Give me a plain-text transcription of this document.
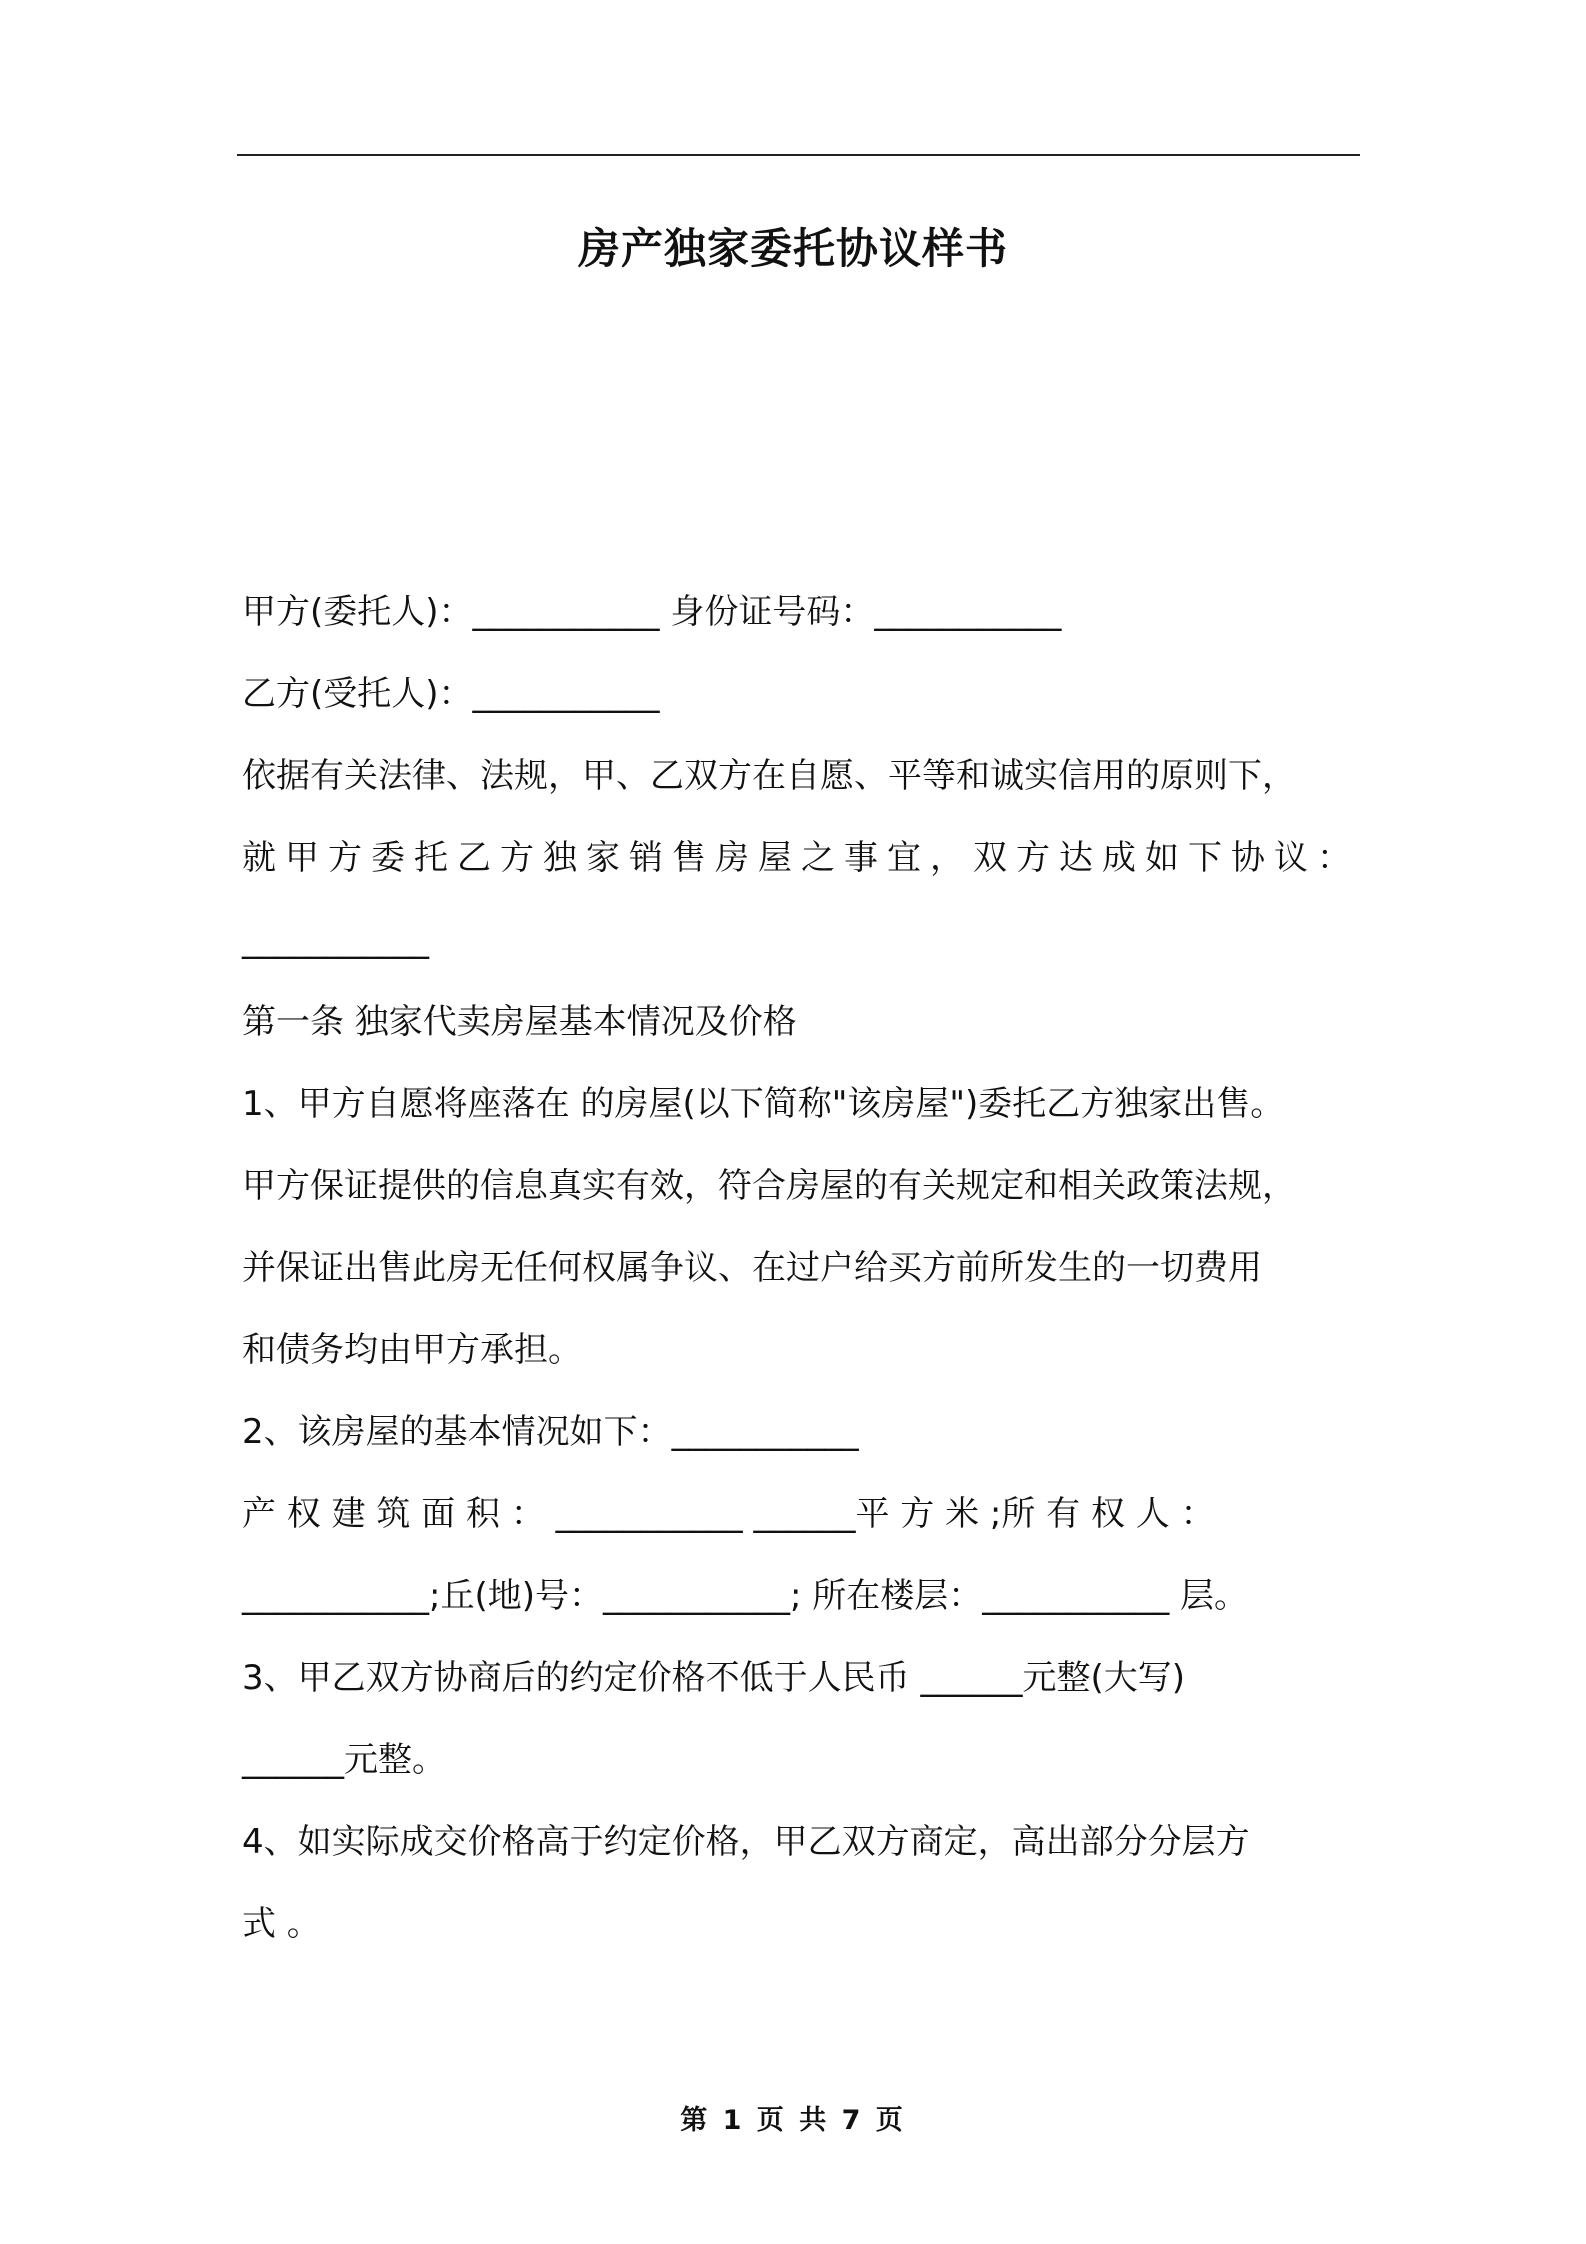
房产独家委托协议样书
甲方(委托人)：___________ 身份证号码：___________
乙方(受托人)：___________
依据有关法律、法规，甲、乙双方在自愿、平等和诚实信用的原则下，
就甲方委托乙方独家销售房屋之事宜，双方达成如下协议：
___________
第一条 独家代卖房屋基本情况及价格
1、甲方自愿将座落在 的房屋(以下简称"该房屋")委托乙方独家出售。
甲方保证提供的信息真实有效，符合房屋的有关规定和相关政策法规，
并保证出售此房无任何权属争议、在过户给买方前所发生的一切费用
和债务均由甲方承担。
2、该房屋的基本情况如下：___________
产 权 建 筑 面 积 ： ___________ ______平 方 米 ;所 有 权 人 ：
___________;丘(地)号：___________; 所在楼层：___________ 层。
3、甲乙双方协商后的约定价格不低于人民币 ______元整(大写)
______元整。
4、如实际成交价格高于约定价格，甲乙双方商定，高出部分分层方
式 。
第 1 页 共 7 页
